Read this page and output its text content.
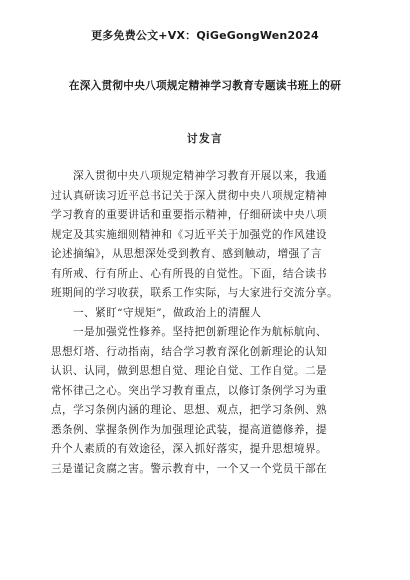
更多免费公文+VX：QiGeGongWen2024
在深入贯彻中央八项规定精神学习教育专题读书班上的研
讨发言
深入贯彻中央八项规定精神学习教育开展以来，我通
过认真研读习近平总书记关于深入贯彻中央八项规定精神
学习教育的重要讲话和重要指示精神，仔细研读中央八项
规定及其实施细则精神和《习近平关于加强党的作风建设
论述摘编》，从思想深处受到教育、感到触动，增强了言
有所戒、行有所止、心有所畏的自觉性。下面，结合读书
班期间的学习收获，联系工作实际，与大家进行交流分享。
一、紧盯“守规矩”，做政治上的清醒人
一是加强党性修养。坚持把创新理论作为航标航向、
思想灯塔、行动指南，结合学习教育深化创新理论的认知
认识、认同，做到思想自觉、理论自觉、工作自觉。二是
常怀律己之心。突出学习教育重点，以修订条例学习为重
点，学习条例内涵的理论、思想、观点，把学习条例、熟
悉条例、掌握条例作为加强理论武装，提高道德修养，提
升个人素质的有效途径，深入抓好落实，提升思想境界。
三是谨记贪腐之害。警示教育中，一个又一个党员干部在
